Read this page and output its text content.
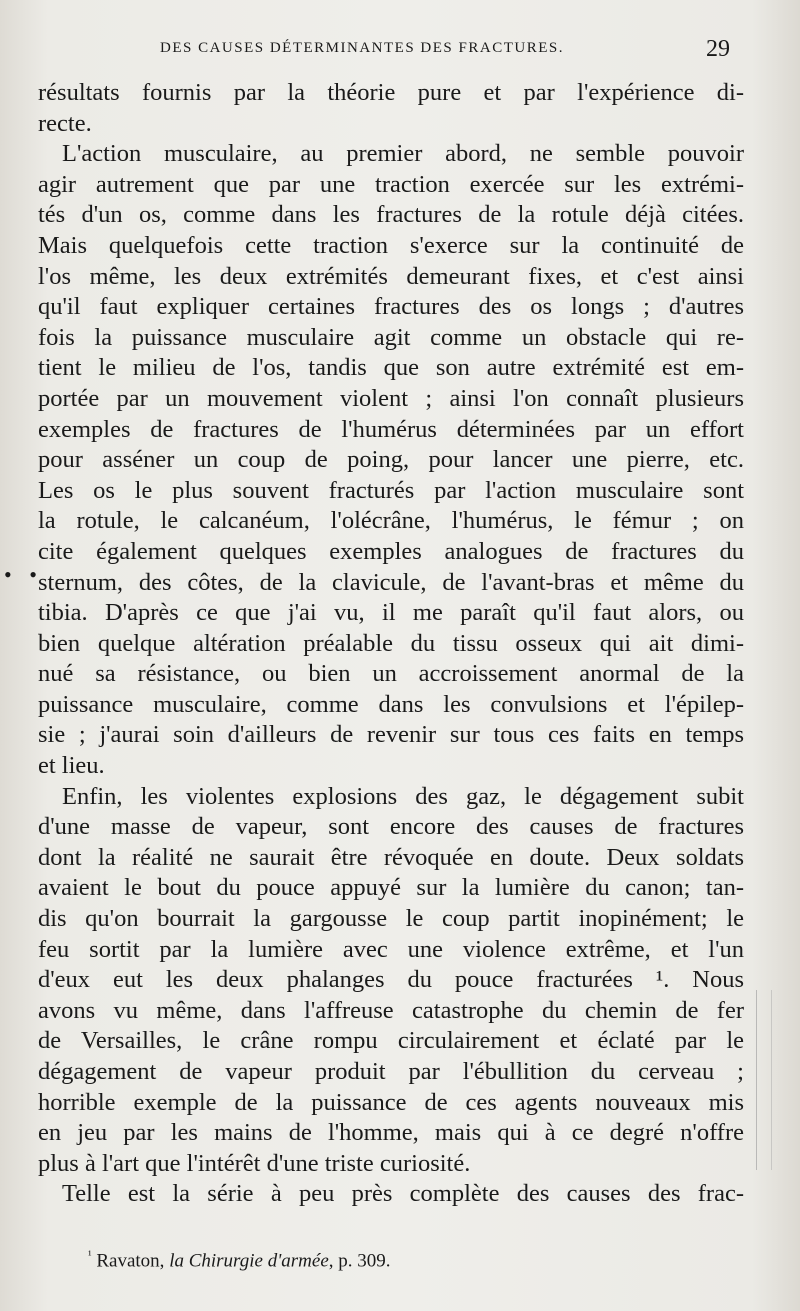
DES CAUSES DÉTERMINANTES DES FRACTURES.	29
• •

résultats fournis par la théorie pure et par l'expérience di-
recte.

L'action musculaire, au premier abord, ne semble pouvoir
agir autrement que par une traction exercée sur les extrémi-
tés d'un os, comme dans les fractures de la rotule déjà citées.
Mais quelquefois cette traction s'exerce sur la continuité de
l'os même, les deux extrémités demeurant fixes, et c'est ainsi
qu'il faut expliquer certaines fractures des os longs ; d'autres
fois la puissance musculaire agit comme un obstacle qui re-
tient le milieu de l'os, tandis que son autre extrémité est em-
portée par un mouvement violent ; ainsi l'on connaît plusieurs
exemples de fractures de l'humérus déterminées par un effort
pour asséner un coup de poing, pour lancer une pierre, etc.
Les os le plus souvent fracturés par l'action musculaire sont
la rotule, le calcanéum, l'olécrâne, l'humérus, le fémur ; on
cite également quelques exemples analogues de fractures du
sternum, des côtes, de la clavicule, de l'avant-bras et même du
tibia. D'après ce que j'ai vu, il me paraît qu'il faut alors, ou
bien quelque altération préalable du tissu osseux qui ait dimi-
nué sa résistance, ou bien un accroissement anormal de la
puissance musculaire, comme dans les convulsions et l'épilep-
sie ; j'aurai soin d'ailleurs de revenir sur tous ces faits en temps
et lieu.

Enfin, les violentes explosions des gaz, le dégagement subit
d'une masse de vapeur, sont encore des causes de fractures
dont la réalité ne saurait être révoquée en doute. Deux soldats
avaient le bout du pouce appuyé sur la lumière du canon; tan-
dis qu'on bourrait la gargousse le coup partit inopinément; le
feu sortit par la lumière avec une violence extrême, et l'un
d'eux eut les deux phalanges du pouce fracturées ¹. Nous
avons vu même, dans l'affreuse catastrophe du chemin de fer
de Versailles, le crâne rompu circulairement et éclaté par le
dégagement de vapeur produit par l'ébullition du cerveau ;
horrible exemple de la puissance de ces agents nouveaux mis
en jeu par les mains de l'homme, mais qui à ce degré n'offre
plus à l'art que l'intérêt d'une triste curiosité.

Telle est la série à peu près complète des causes des frac-

$^{^1}$ Ravaton, la Chirurgie d'armée, p. 309.
